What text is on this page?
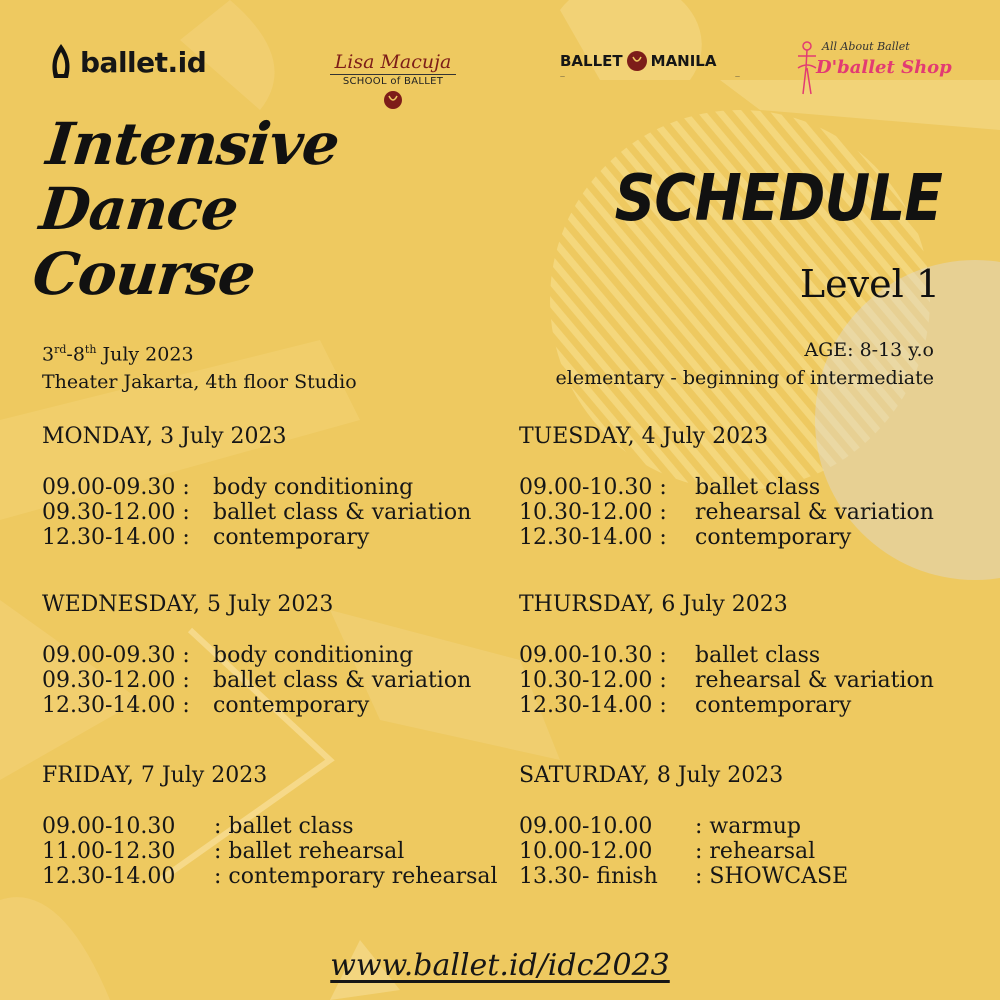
ballet.id	Lisa Macuja
SCHOOL of BALLET
BALLET MANILA
—	—
All About Ballet
D'ballet Shop
Intensive
Dance
Course
SCHEDULE
Level 1
3rd-8th July 2023
Theater Jakarta, 4th floor Studio
AGE: 8-13 y.o
elementary - beginning of intermediate
MONDAY, 3 July 2023
09.00-09.30 :	body conditioning
09.30-12.00 :	ballet class & variation
12.30-14.00 :	contemporary
TUESDAY, 4 July 2023
09.00-10.30 :	ballet class
10.30-12.00 :	rehearsal & variation
12.30-14.00 :	contemporary
WEDNESDAY, 5 July 2023
09.00-09.30 :	body conditioning
09.30-12.00 :	ballet class & variation
12.30-14.00 :	contemporary
THURSDAY, 6 July 2023
09.00-10.30 :	ballet class
10.30-12.00 :	rehearsal & variation
12.30-14.00 :	contemporary
FRIDAY, 7 July 2023
09.00-10.30	: ballet class
11.00-12.30	: ballet rehearsal
12.30-14.00	: contemporary rehearsal
SATURDAY, 8 July 2023
09.00-10.00	: warmup
10.00-12.00	: rehearsal
13.30- finish	: SHOWCASE
www.ballet.id/idc2023
